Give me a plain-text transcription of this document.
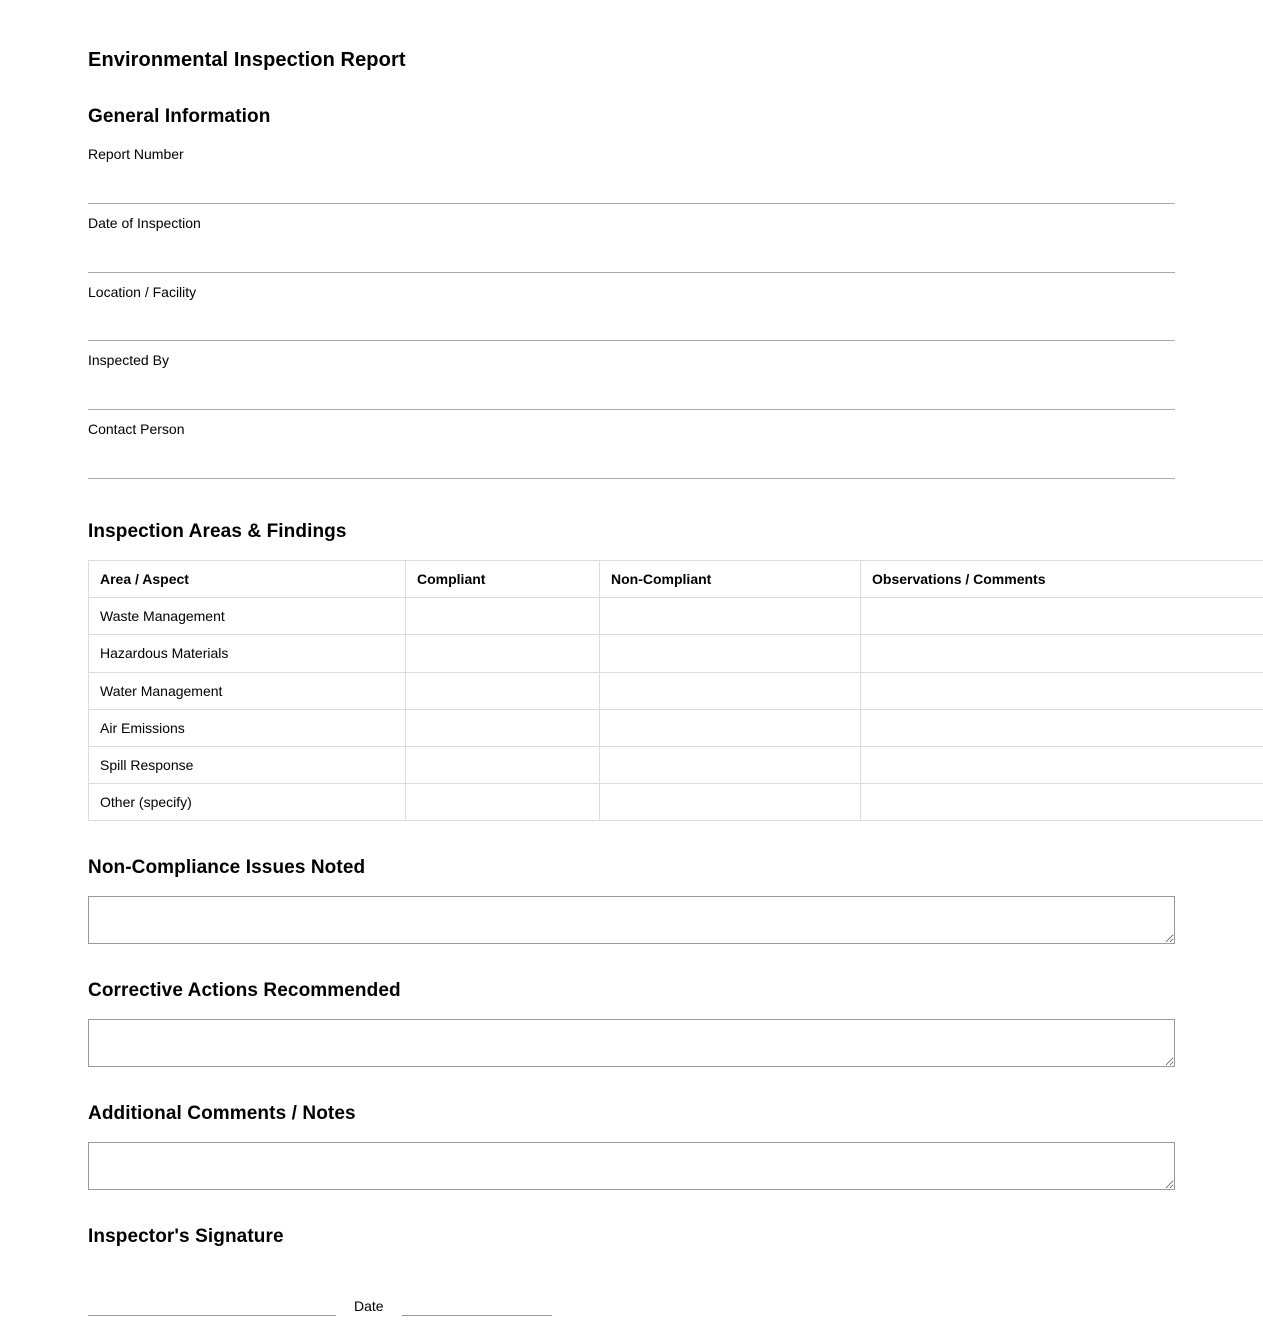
Environmental Inspection Report
General Information
Report Number
Date of Inspection
Location / Facility
Inspected By
Contact Person
Inspection Areas & Findings
Area / Aspect	Compliant	Non-Compliant	Observations / Comments
Waste Management			
Hazardous Materials			
Water Management			
Air Emissions			
Spill Response			
Other (specify)			
Non-Compliance Issues Noted
Corrective Actions Recommended
Additional Comments / Notes
Inspector's Signature
Date
